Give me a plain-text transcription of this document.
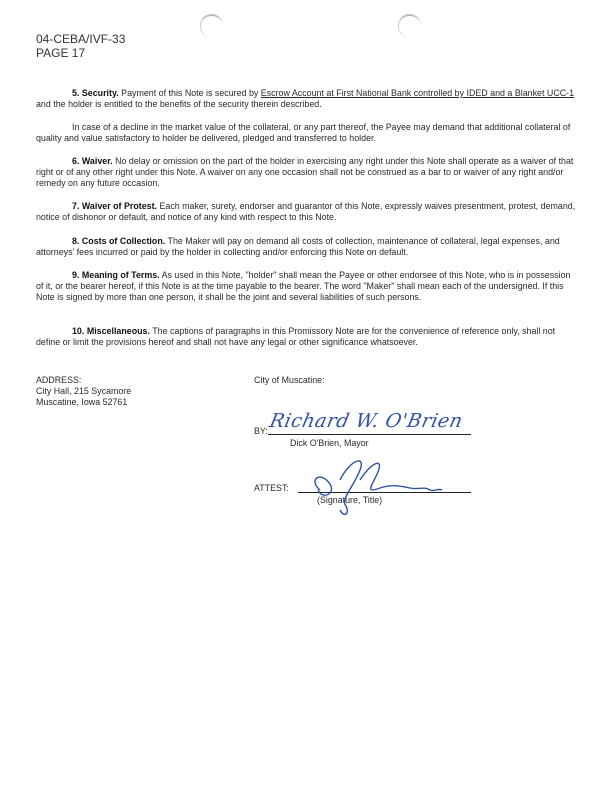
04-CEBA/IVF-33
PAGE 17
5. Security. Payment of this Note is secured by Escrow Account at First National Bank controlled by IDED and a Blanket UCC-1 and the holder is entitled to the benefits of the security therein described.
In case of a decline in the market value of the collateral, or any part thereof, the Payee may demand that additional collateral of quality and value satisfactory to holder be delivered, pledged and transferred to holder.
6. Waiver. No delay or omission on the part of the holder in exercising any right under this Note shall operate as a waiver of that right or of any other right under this Note. A waiver on any one occasion shall not be construed as a bar to or waiver of any right and/or remedy on any future occasion.
7. Waiver of Protest. Each maker, surety, endorser and guarantor of this Note, expressly waives presentment, protest, demand, notice of dishonor or default, and notice of any kind with respect to this Note.
8. Costs of Collection. The Maker will pay on demand all costs of collection, maintenance of collateral, legal expenses, and attorneys' fees incurred or paid by the holder in collecting and/or enforcing this Note on default.
9. Meaning of Terms. As used in this Note, "holder" shall mean the Payee or other endorsee of this Note, who is in possession of it, or the bearer hereof, if this Note is at the time payable to the bearer. The word "Maker" shall mean each of the undersigned. If this Note is signed by more than one person, it shall be the joint and several liabilities of such persons.
10. Miscellaneous. The captions of paragraphs in this Promissory Note are for the convenience of reference only, shall not define or limit the provisions hereof and shall not have any legal or other significance whatsoever.
ADDRESS:
City Hall, 215 Sycamore
Muscatine, Iowa 52761
City of Muscatine:
BY: Richard W. O'Brien
Dick O'Brien, Mayor
ATTEST:
(Signature, Title)
